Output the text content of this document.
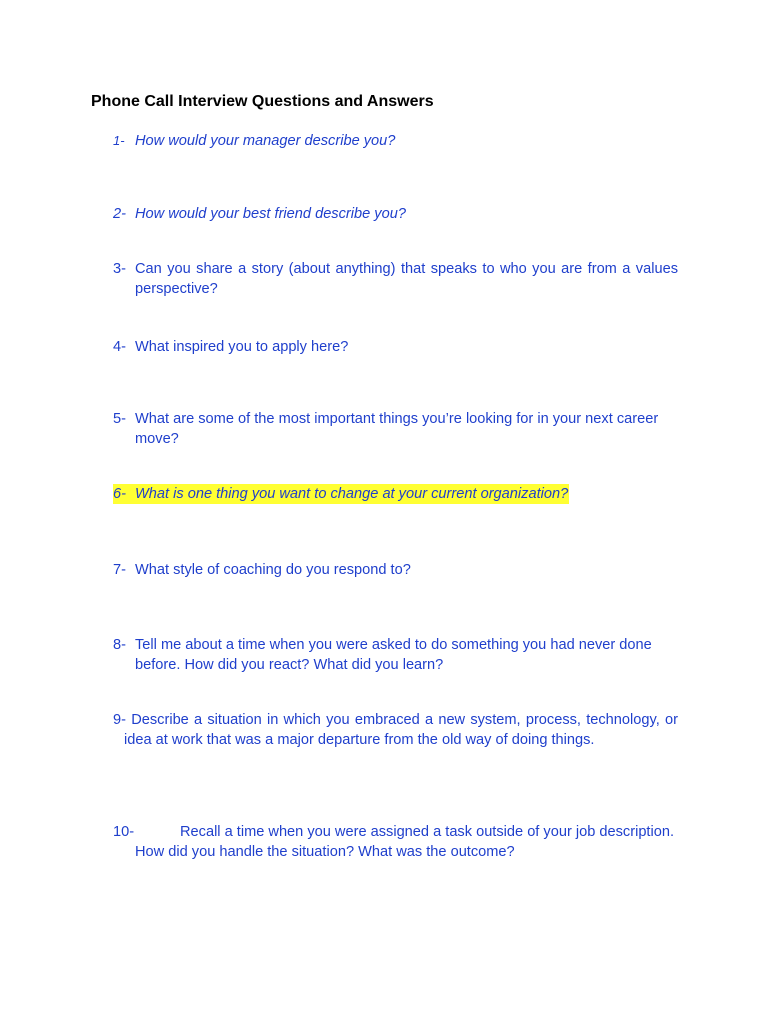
Phone Call Interview Questions and Answers
1- How would your manager describe you?
2- How would your best friend describe you?
3- Can you share a story (about anything) that speaks to who you are from a values perspective?
4- What inspired you to apply here?
5- What are some of the most important things you’re looking for in your next career move?
6- What is one thing you want to change at your current organization?
7- What style of coaching do you respond to?
8- Tell me about a time when you were asked to do something you had never done before. How did you react? What did you learn?
9- Describe a situation in which you embraced a new system, process, technology, or idea at work that was a major departure from the old way of doing things.
10-	Recall a time when you were assigned a task outside of your job description. How did you handle the situation? What was the outcome?
